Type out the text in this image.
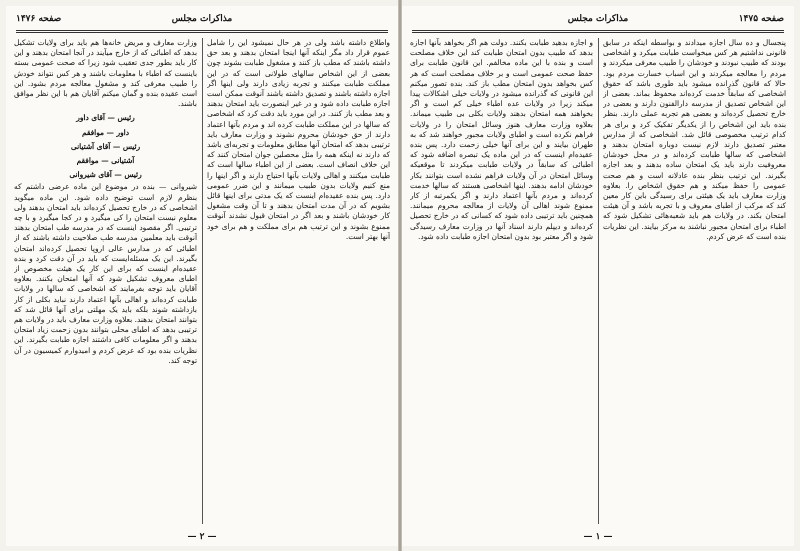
مذاکرات مجلس
صفحه ۱۴۷۶

وزارت معارف و مریض خانه‌ها هم باید برای ولایات تشکیل بدهد که اطبائی که از خارج میآیند در آنجا امتحان بدهند و این کار باید بطور جدی تعقیب شود زیرا که صحت عمومی بسته باینست که اطباء با معلومات باشند و هر کس نتواند خودش را طبیب معرفی کند و مشغول معالجه مردم بشود. این است عقیده بنده و گمان میکنم آقایان هم با این نظر موافق باشند.

رئیس — آقای داور
داور — موافقم
رئیس — آقای آشتیانی
آشتیانی — موافقم
رئیس — آقای شیروانی

شیروانی — بنده در موضوع این ماده عرضی داشتم که بنظرم لازم است توضیح داده شود. این ماده میگوید اشخاصی که در خارج تحصیل کرده‌اند باید امتحان بدهند ولی معلوم نیست امتحان را کی میگیرد و در کجا میگیرد و با چه ترتیبی. اگر مقصود اینست که در مدرسه طب امتحان بدهند آنوقت باید معلمین مدرسه طب صلاحیت داشته باشند که از اطبائی که در مدارس عالی اروپا تحصیل کرده‌اند امتحان بگیرند. این یک مسئله‌ایست که باید در آن دقت کرد و بنده عقیده‌ام اینست که برای این کار یک هیئت مخصوص از اطبای معروف تشکیل شود که آنها امتحان بکنند. بعلاوه آقایان باید توجه بفرمایند که اشخاصی که سالها در ولایات طبابت کرده‌اند و اهالی بآنها اعتماد دارند نباید بکلی از کار بازداشته شوند بلکه باید یک مهلتی برای آنها قائل شد که بتوانند امتحان بدهند. بعلاوه وزارت معارف باید در ولایات هم ترتیبی بدهد که اطبای محلی بتوانند بدون زحمت زیاد امتحان بدهند و اگر معلومات کافی داشتند اجازه طبابت بگیرند. این نظریات بنده بود که عرض کردم و امیدوارم کمیسیون در آن توجه کند.

واطلاع داشته باشد ولی در هر حال نمیشود این را شامل عموم قرار داد مگر اینکه آنها اینجا امتحان بدهند و بعد حق داشته باشند که مطب باز کنند و مشغول طبابت بشوند چون بعضی از این اشخاص سالهای طولانی است که در این مملکت طبابت میکنند و تجربه زیادی دارند ولی اینها اگر اجازه داشته باشند و تصدیق داشته باشند آنوقت ممکن است اجازه طبابت داده شود و در غیر اینصورت باید امتحان بدهند و بعد مطب باز کنند. در این مورد باید دقت کرد که اشخاصی که سالها در این مملکت طبابت کرده اند و مردم بآنها اعتماد دارند از حق خودشان محروم نشوند و وزارت معارف باید ترتیبی بدهد که امتحان آنها مطابق معلومات و تجربه‌ای باشد که دارند نه اینکه همه را مثل محصلین جوان امتحان کنند که این خلاف انصاف است. بعضی از این اطباء سالها است که طبابت میکنند و اهالی ولایات بآنها احتیاج دارند و اگر اینها را منع کنیم ولایات بدون طبیب میمانند و این ضرر عمومی دارد. پس بنده عقیده‌ام اینست که یک مدتی برای اینها قائل بشویم که در آن مدت امتحان بدهند و تا آن وقت مشغول کار خودشان باشند و بعد اگر در امتحان قبول نشدند آنوقت ممنوع بشوند و این ترتیب هم برای مملکت و هم برای خود آنها بهتر است.

— ۲ —
مذاکرات مجلس	صفحه ۱۴۷۵

و اجازه بدهید طبابت بکنند. دولت هم اگر بخواهد بآنها اجازه بدهد که طبیب بدون امتحان طبابت کند این خلاف مصلحت است و بنده با این ماده مخالفم. این قانون طبابت برای حفظ صحت عمومی است و بر خلاف مصلحت است که هر کس بخواهد بدون امتحان مطب باز کند. بنده تصور میکنم این قانونی که گذرانده میشود در ولایات خیلی اشکالات پیدا میکند زیرا در ولایات عده اطباء خیلی کم است و اگر بخواهند همه امتحان بدهند ولایات بکلی بی طبیب میماند. بعلاوه وزارت معارف هنوز وسائل امتحان را در ولایات فراهم نکرده است و اطبای ولایات مجبور خواهند شد که به طهران بیایند و این برای آنها خیلی زحمت دارد. پس بنده عقیده‌ام اینست که در این ماده یک تبصره اضافه شود که اطبائی که سابقاً در ولایات طبابت میکردند تا موقعیکه وسائل امتحان در آن ولایات فراهم نشده است بتوانند بکار خودشان ادامه بدهند. اینها اشخاصی هستند که سالها خدمت کرده‌اند و مردم بآنها اعتماد دارند و اگر یکمرتبه از کار ممنوع شوند اهالی آن ولایات از معالجه محروم میمانند. همچنین باید ترتیبی داده شود که کسانی که در خارج تحصیل کرده‌اند و دیپلم دارند اسناد آنها در وزارت معارف رسیدگی شود و اگر معتبر بود بدون امتحان اجازه طبابت داده شود.

پنجسال و ده سال اجازه میدادند و بواسطه اینکه در سابق قانونی نداشتیم هر کس میخواست طبابت میکرد و اشخاصی بودند که طبیب نبودند و خودشان را طبیب معرفی میکردند و مردم را معالجه میکردند و این اسباب خسارت مردم بود. حالا که قانون گذرانده میشود باید طوری باشد که حقوق اشخاصی که سابقاً خدمت کرده‌اند محفوظ بماند. بعضی از این اشخاص تصدیق از مدرسه دارالفنون دارند و بعضی در خارج تحصیل کرده‌اند و بعضی هم تجربه عملی دارند. بنظر بنده باید این اشخاص را از یکدیگر تفکیک کرد و برای هر کدام ترتیب مخصوصی قائل شد. اشخاصی که از مدارس معتبر تصدیق دارند لازم نیست دوباره امتحان بدهند و اشخاصی که سالها طبابت کرده‌اند و در محل خودشان معروفیت دارند باید یک امتحان ساده بدهند و بعد اجازه بگیرند. این ترتیب بنظر بنده عادلانه است و هم صحت عمومی را حفظ میکند و هم حقوق اشخاص را. بعلاوه وزارت معارف باید یک هیئتی برای رسیدگی باین کار معین کند که مرکب از اطبای معروف و با تجربه باشد و آن هیئت امتحان بکند. در ولایات هم باید شعبه‌هائی تشکیل شود که اطباء برای امتحان مجبور نباشند به مرکز بیایند. این نظریات بنده است که عرض کردم.

— ۱ —
